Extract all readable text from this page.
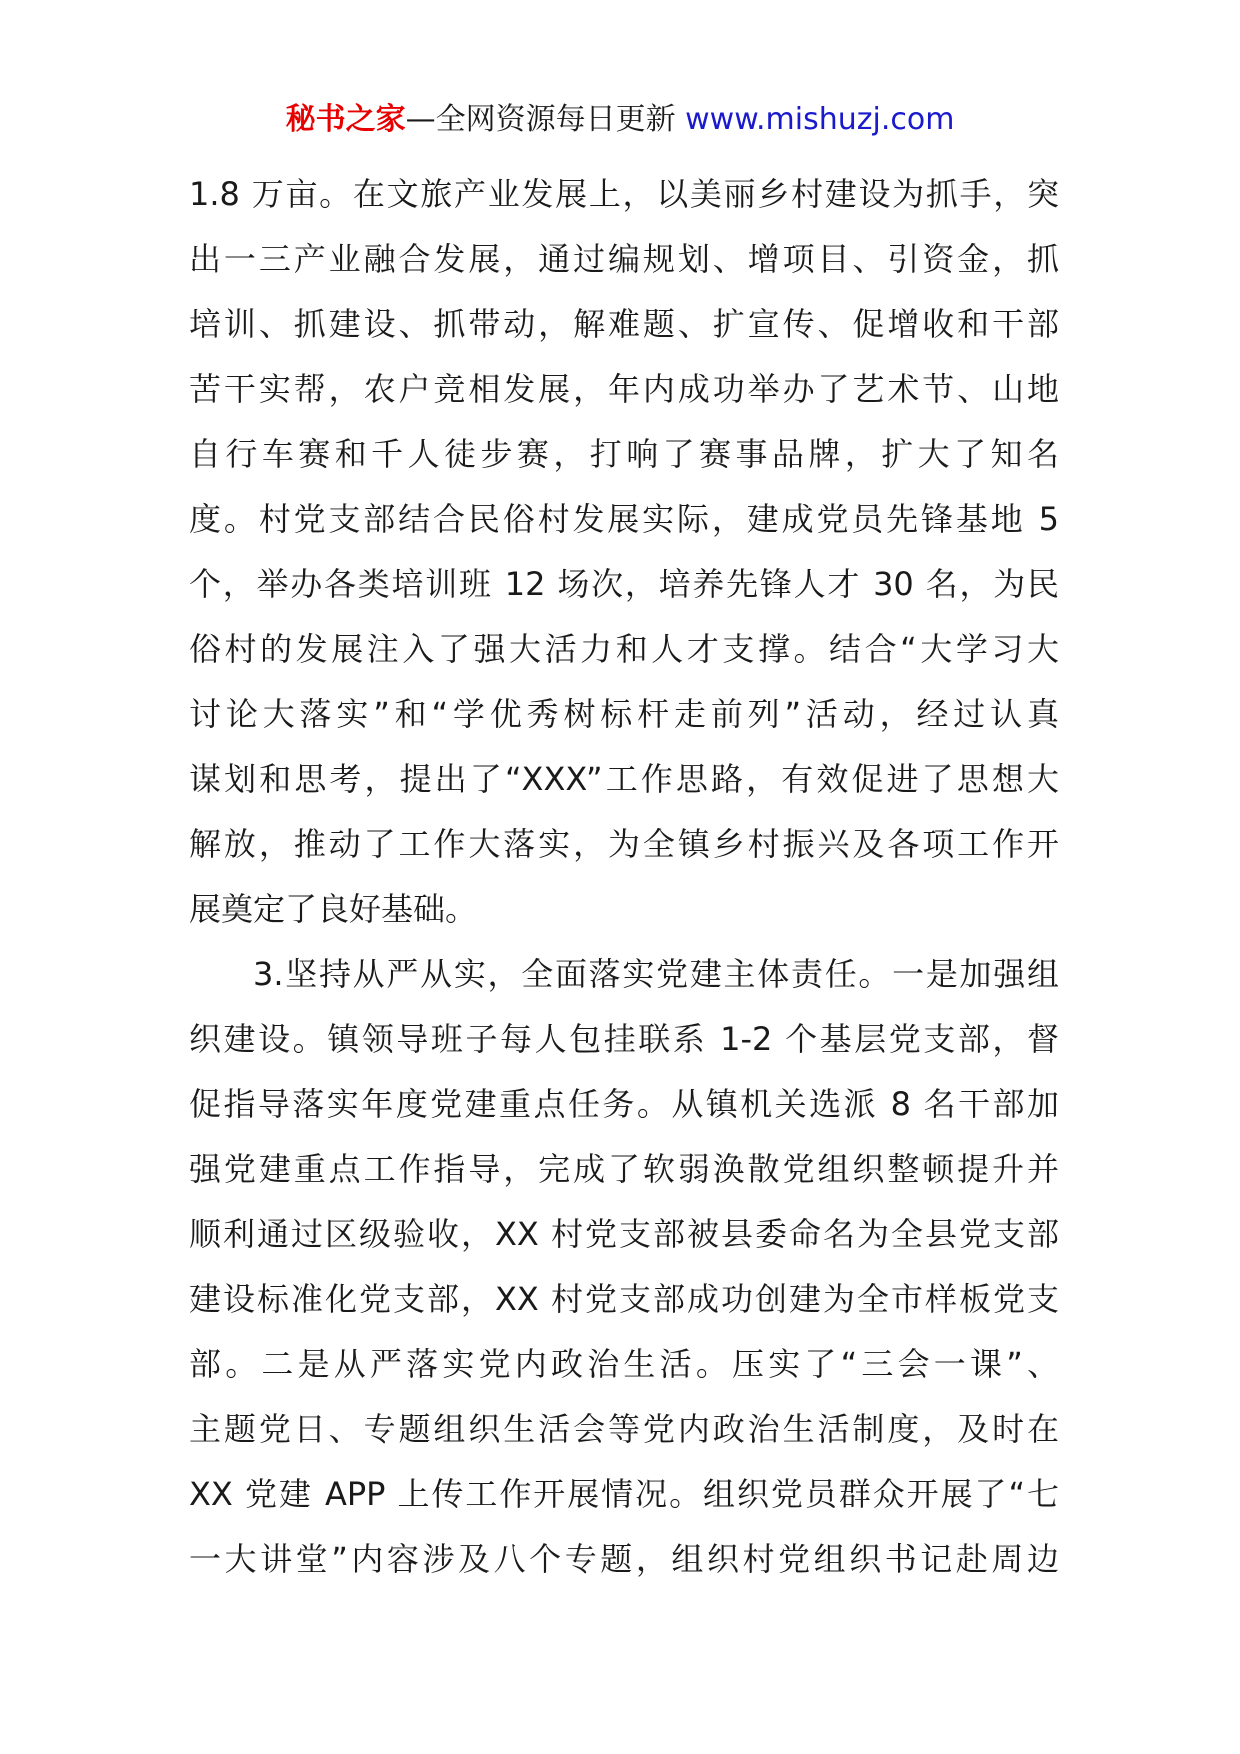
秘书之家—全网资源每日更新 www.mishuzj.com
1.8 万亩。在文旅产业发展上，以美丽乡村建设为抓手，突
出一三产业融合发展，通过编规划、增项目、引资金，抓
培训、抓建设、抓带动，解难题、扩宣传、促增收和干部
苦干实帮，农户竞相发展，年内成功举办了艺术节、山地
自行车赛和千人徒步赛，打响了赛事品牌，扩大了知名
度。村党支部结合民俗村发展实际，建成党员先锋基地 5
个，举办各类培训班 12 场次，培养先锋人才 30 名，为民
俗村的发展注入了强大活力和人才支撑。结合“大学习大
讨论大落实”和“学优秀树标杆走前列”活动，经过认真
谋划和思考，提出了“XXX”工作思路，有效促进了思想大
解放，推动了工作大落实，为全镇乡村振兴及各项工作开
展奠定了良好基础。
3.坚持从严从实，全面落实党建主体责任。一是加强组
织建设。镇领导班子每人包挂联系 1-2 个基层党支部，督
促指导落实年度党建重点任务。从镇机关选派 8 名干部加
强党建重点工作指导，完成了软弱涣散党组织整顿提升并
顺利通过区级验收，XX 村党支部被县委命名为全县党支部
建设标准化党支部，XX 村党支部成功创建为全市样板党支
部。二是从严落实党内政治生活。压实了“三会一课”、
主题党日、专题组织生活会等党内政治生活制度，及时在
XX 党建 APP 上传工作开展情况。组织党员群众开展了“七
一大讲堂”内容涉及八个专题，组织村党组织书记赴周边
